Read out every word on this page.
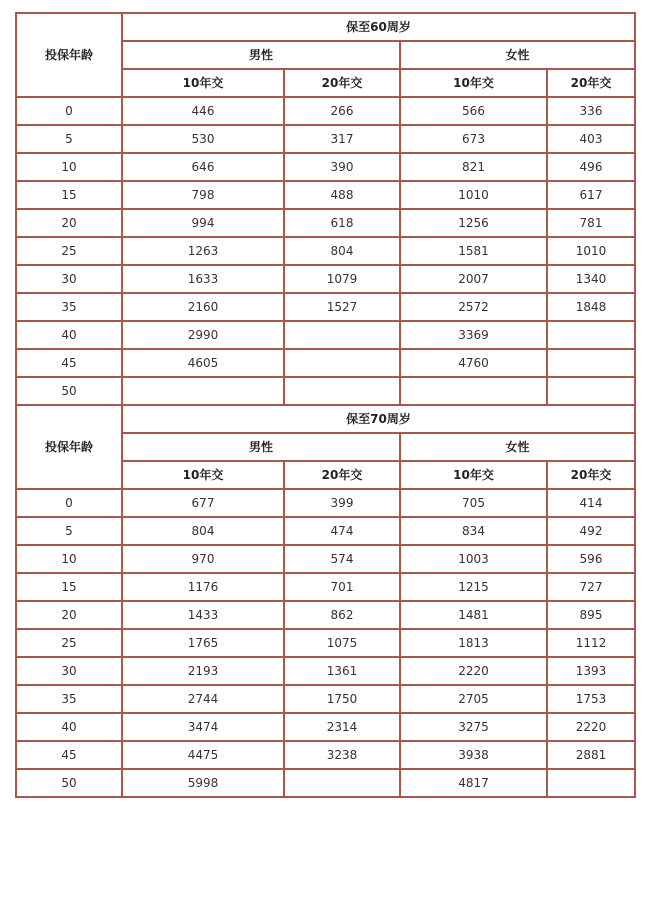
投保年龄	保至60周岁			
	男性		女性	
	10年交	20年交	10年交	20年交
0	446	266	566	336
5	530	317	673	403
10	646	390	821	496
15	798	488	1010	617
20	994	618	1256	781
25	1263	804	1581	1010
30	1633	1079	2007	1340
35	2160	1527	2572	1848
40	2990		3369	
45	4605		4760	
50				
投保年龄	保至70周岁			
	男性		女性	
	10年交	20年交	10年交	20年交
0	677	399	705	414
5	804	474	834	492
10	970	574	1003	596
15	1176	701	1215	727
20	1433	862	1481	895
25	1765	1075	1813	1112
30	2193	1361	2220	1393
35	2744	1750	2705	1753
40	3474	2314	3275	2220
45	4475	3238	3938	2881
50	5998		4817	
